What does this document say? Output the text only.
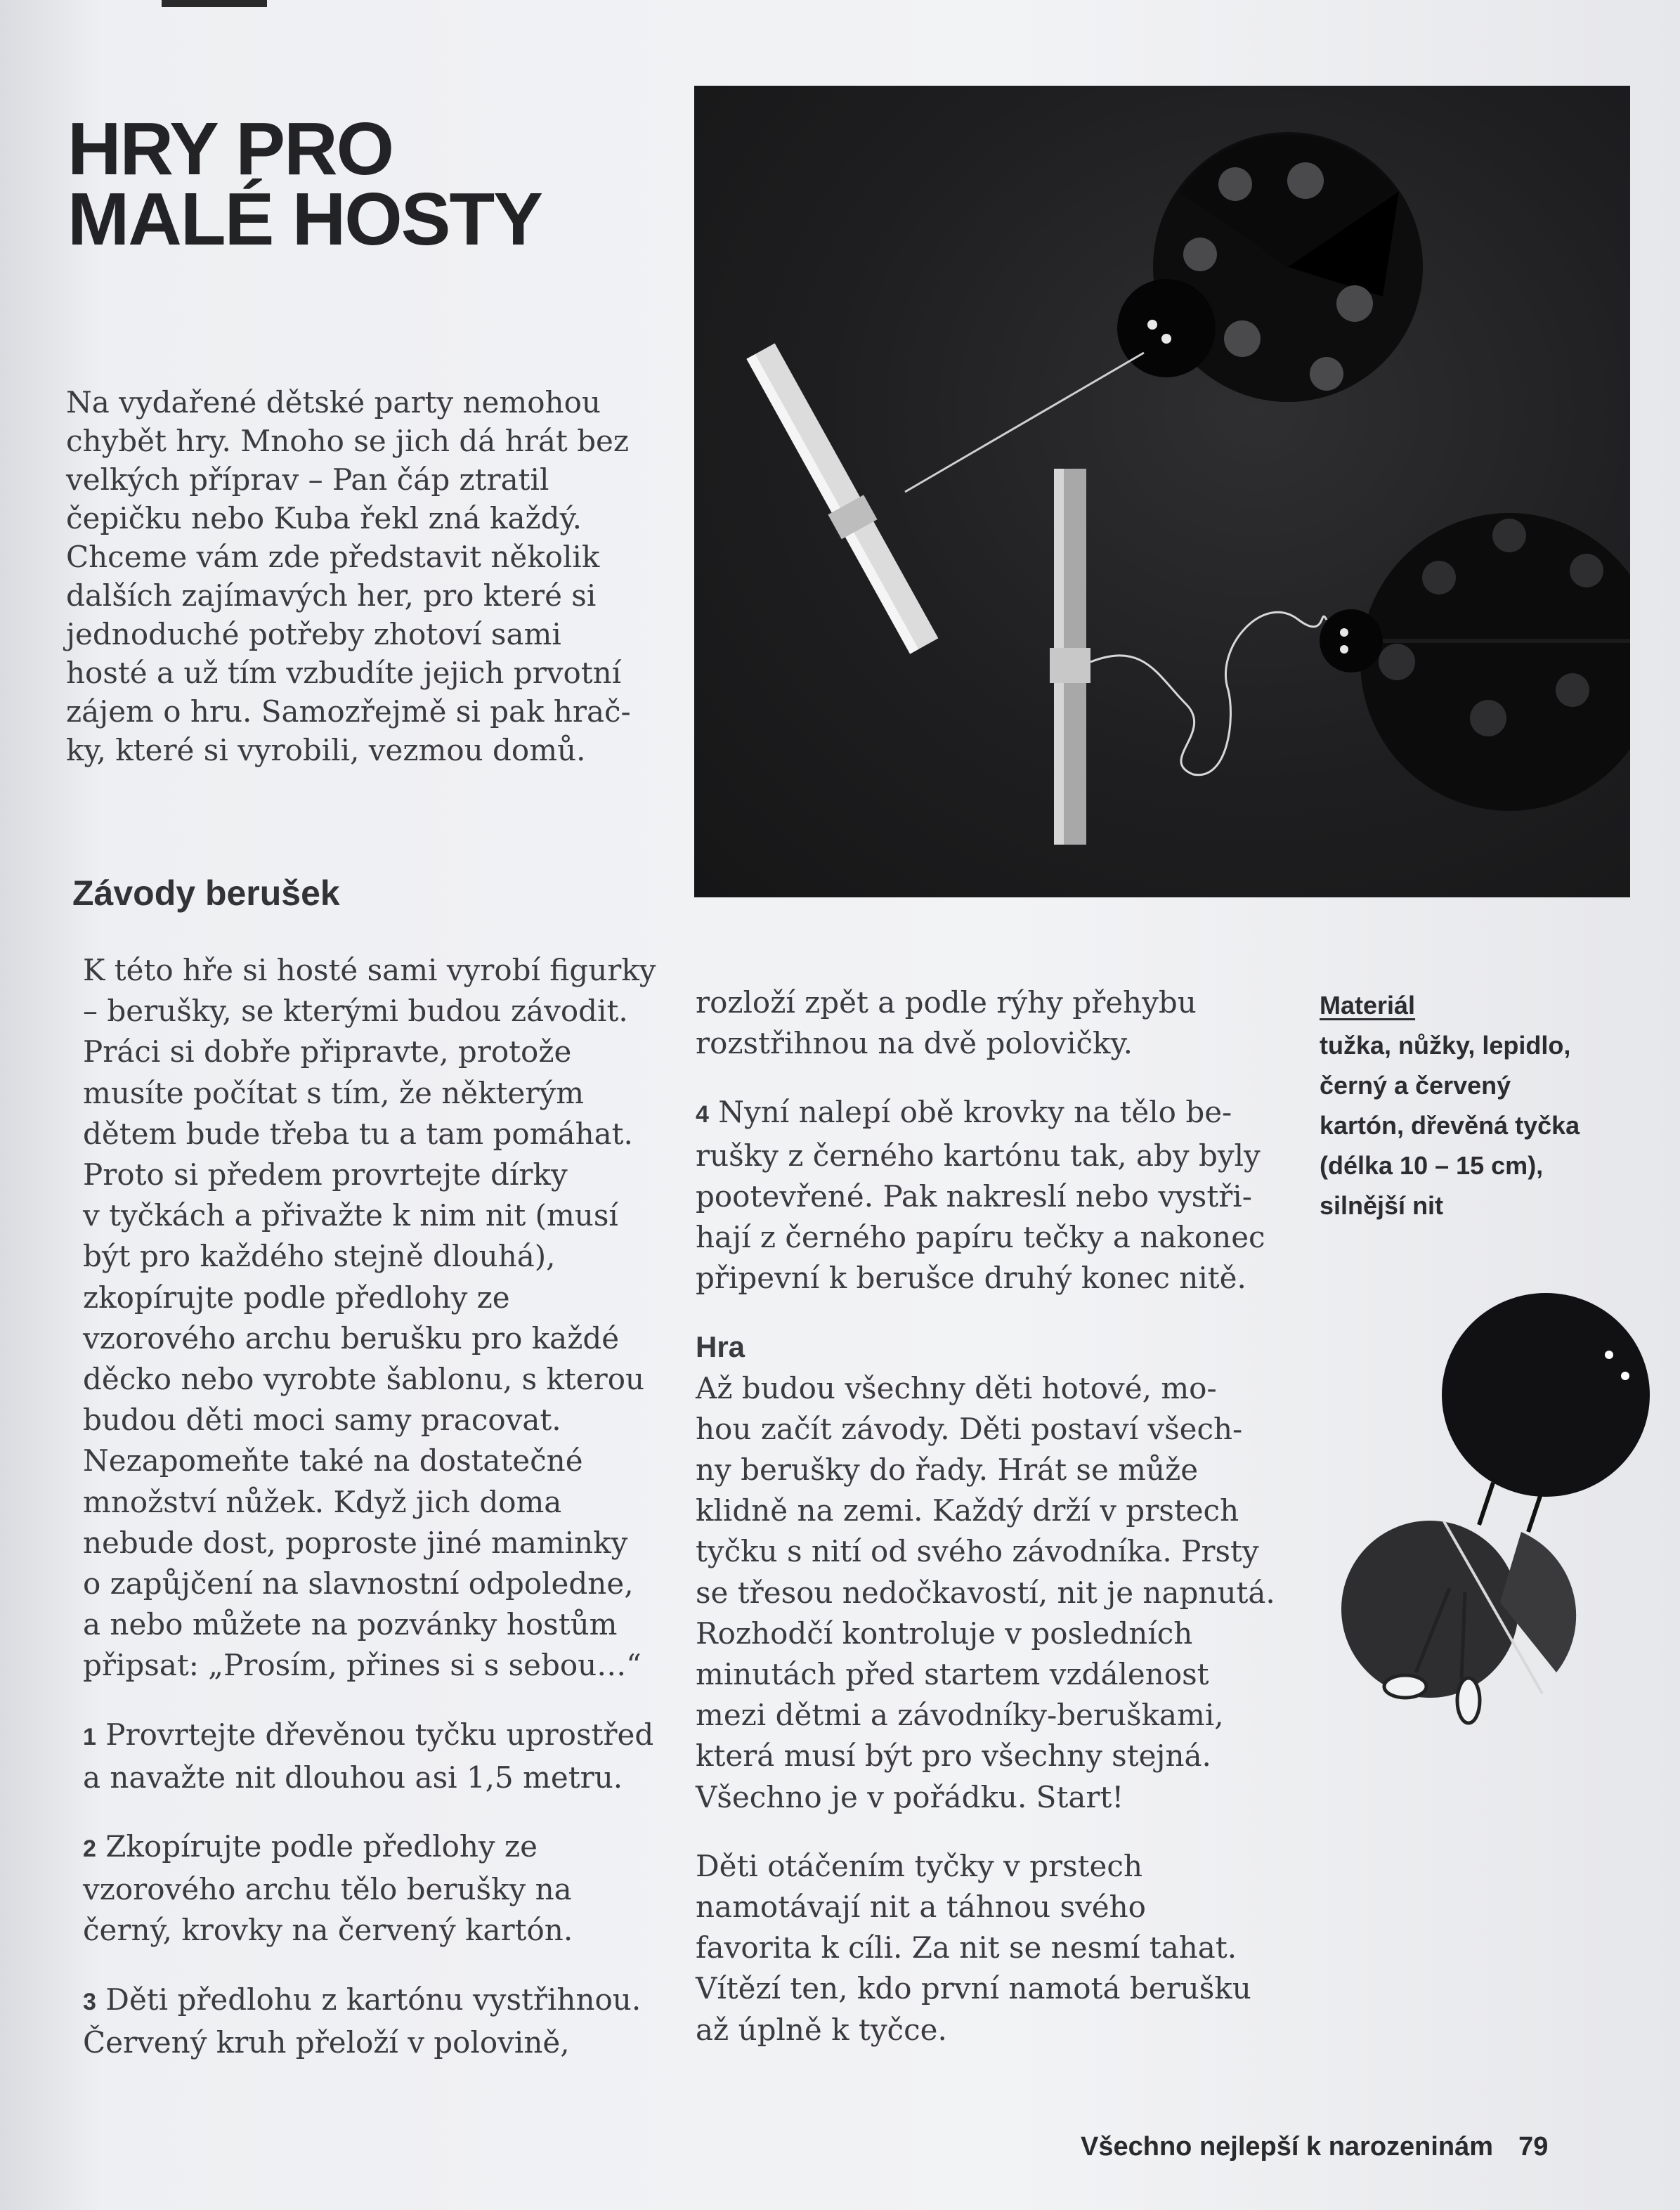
HRY PRO
MALÉ HOSTY
Na vydařené dětské party nemohou
chybět hry. Mnoho se jich dá hrát bez
velkých příprav – Pan čáp ztratil
čepičku nebo Kuba řekl zná každý.
Chceme vám zde představit několik
dalších zajímavých her, pro které si
jednoduché potřeby zhotoví sami
hosté a už tím vzbudíte jejich prvotní
zájem o hru. Samozřejmě si pak hrač-
ky, které si vyrobili, vezmou domů.
Závody berušek
K této hře si hosté sami vyrobí figurky
– berušky, se kterými budou závodit.
Práci si dobře připravte, protože
musíte počítat s tím, že některým
dětem bude třeba tu a tam pomáhat.
Proto si předem provrtejte dírky
v tyčkách a přivažte k nim nit (musí
být pro každého stejně dlouhá),
zkopírujte podle předlohy ze
vzorového archu berušku pro každé
děcko nebo vyrobte šablonu, s kterou
budou děti moci samy pracovat.
Nezapomeňte také na dostatečné
množství nůžek. Když jich doma
nebude dost, poproste jiné maminky
o zapůjčení na slavnostní odpoledne,
a nebo můžete na pozvánky hostům
připsat: „Prosím, přines si s sebou…“
1 Provrtejte dřevěnou tyčku uprostřed
a navažte nit dlouhou asi 1,5 metru.
2 Zkopírujte podle předlohy ze
vzorového archu tělo berušky na
černý, krovky na červený kartón.
3 Děti předlohu z kartónu vystřihnou.
Červený kruh přeloží v polovině,
rozloží zpět a podle rýhy přehybu
rozstřihnou na dvě polovičky.
4 Nyní nalepí obě krovky na tělo be-
rušky z černého kartónu tak, aby byly
pootevřené. Pak nakreslí nebo vystři-
hají z černého papíru tečky a nakonec
připevní k berušce druhý konec nitě.
Hra
Až budou všechny děti hotové, mo-
hou začít závody. Děti postaví všech-
ny berušky do řady. Hrát se může
klidně na zemi. Každý drží v prstech
tyčku s nití od svého závodníka. Prsty
se třesou nedočkavostí, nit je napnutá.
Rozhodčí kontroluje v posledních
minutách před startem vzdálenost
mezi dětmi a závodníky-beruškami,
která musí být pro všechny stejná.
Všechno je v pořádku. Start!
Děti otáčením tyčky v prstech
namotávají nit a táhnou svého
favorita k cíli. Za nit se nesmí tahat.
Vítězí ten, kdo první namotá berušku
až úplně k tyčce.
Materiál
tužka, nůžky, lepidlo,
černý a červený
kartón, dřevěná tyčka
(délka 10 – 15 cm),
silnější nit
Všechno nejlepší k narozeninám 79
